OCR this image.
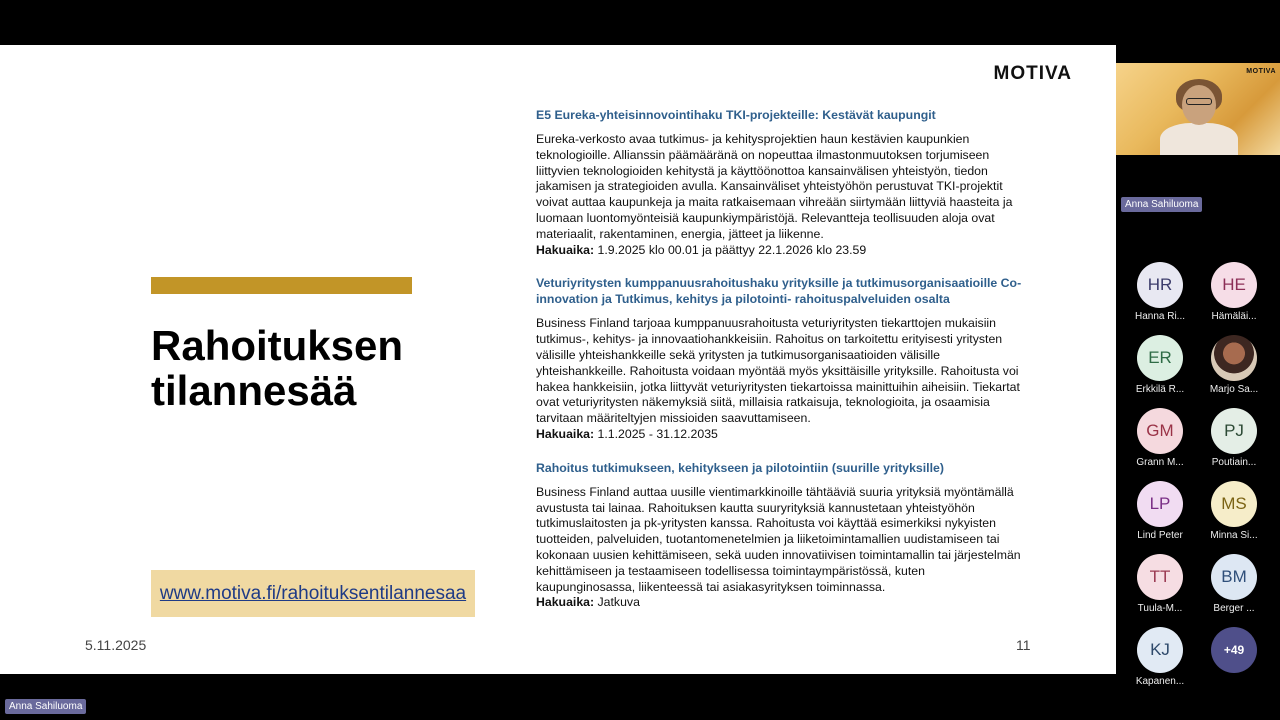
MOTIVA
Rahoituksen
tilannesää
www.motiva.fi/rahoituksentilannesaa
5.11.2025	11

E5 Eureka-yhteisinnovointihaku TKI-projekteille: Kestävät kaupungit

Eureka-verkosto avaa tutkimus- ja kehitysprojektien haun kestävien kaupunkien teknologioille. Allianssin päämääränä on nopeuttaa ilmastonmuutoksen torjumiseen liittyvien teknologioiden kehitystä ja käyttöönottoa kansainvälisen yhteistyön, tiedon jakamisen ja strategioiden avulla. Kansainväliset yhteistyöhön perustuvat TKI-projektit voivat auttaa kaupunkeja ja maita ratkaisemaan vihreään siirtymään liittyviä haasteita ja luomaan luontomyönteisiä kaupunkiympäristöjä. Relevantteja teollisuuden aloja ovat materiaalit, rakentaminen, energia, jätteet ja liikenne.

Hakuaika: 1.9.2025 klo 00.01 ja päättyy 22.1.2026 klo 23.59

Veturiyritysten kumppanuusrahoitushaku yrityksille ja tutkimusorganisaatioille Co-innovation ja Tutkimus, kehitys ja pilotointi- rahoituspalveluiden osalta

Business Finland tarjoaa kumppanuusrahoitusta veturiyritysten tiekarttojen mukaisiin tutkimus-, kehitys- ja innovaatiohankkeisiin. Rahoitus on tarkoitettu erityisesti yritysten välisille yhteishankkeille sekä yritysten ja tutkimusorganisaatioiden välisille yhteishankkeille. Rahoitusta voidaan myöntää myös yksittäisille yrityksille. Rahoitusta voi hakea hankkeisiin, jotka liittyvät veturiyritysten tiekartoissa mainittuihin aiheisiin. Tiekartat ovat veturiyritysten näkemyksiä siitä, millaisia ratkaisuja, teknologioita, ja osaamisia tarvitaan määriteltyjen missioiden saavuttamiseen.

Hakuaika: 1.1.2025 - 31.12.2035

Rahoitus tutkimukseen, kehitykseen ja pilotointiin (suurille yrityksille)

Business Finland auttaa uusille vientimarkkinoille tähtääviä suuria yrityksiä myöntämällä avustusta tai lainaa. Rahoituksen kautta suuryrityksiä kannustetaan yhteistyöhön tutkimuslaitosten ja pk-yritysten kanssa. Rahoitusta voi käyttää esimerkiksi nykyisten tuotteiden, palveluiden, tuotantomenetelmien ja liiketoimintamallien uudistamiseen tai kokonaan uusien kehittämiseen, sekä uuden innovatiivisen toimintamallin tai järjestelmän kehittämiseen ja testaamiseen todellisessa toimintaympäristössä, kuten kaupunginosassa, liikenteessä tai asiakasyrityksen toiminnassa.

Hakuaika: Jatkuva

MOTIVA
Anna Sahiluoma
HR
Hanna Ri...
HE
Hämäläi...
ER
Erkkilä R...	Marjo Sa...
GM
Grann M...
PJ
Poutiain...
LP
Lind Peter
MS
Minna Si...
TT
Tuula-M...
BM
Berger ...
KJ
Kapanen...
+49
Anna Sahiluoma
